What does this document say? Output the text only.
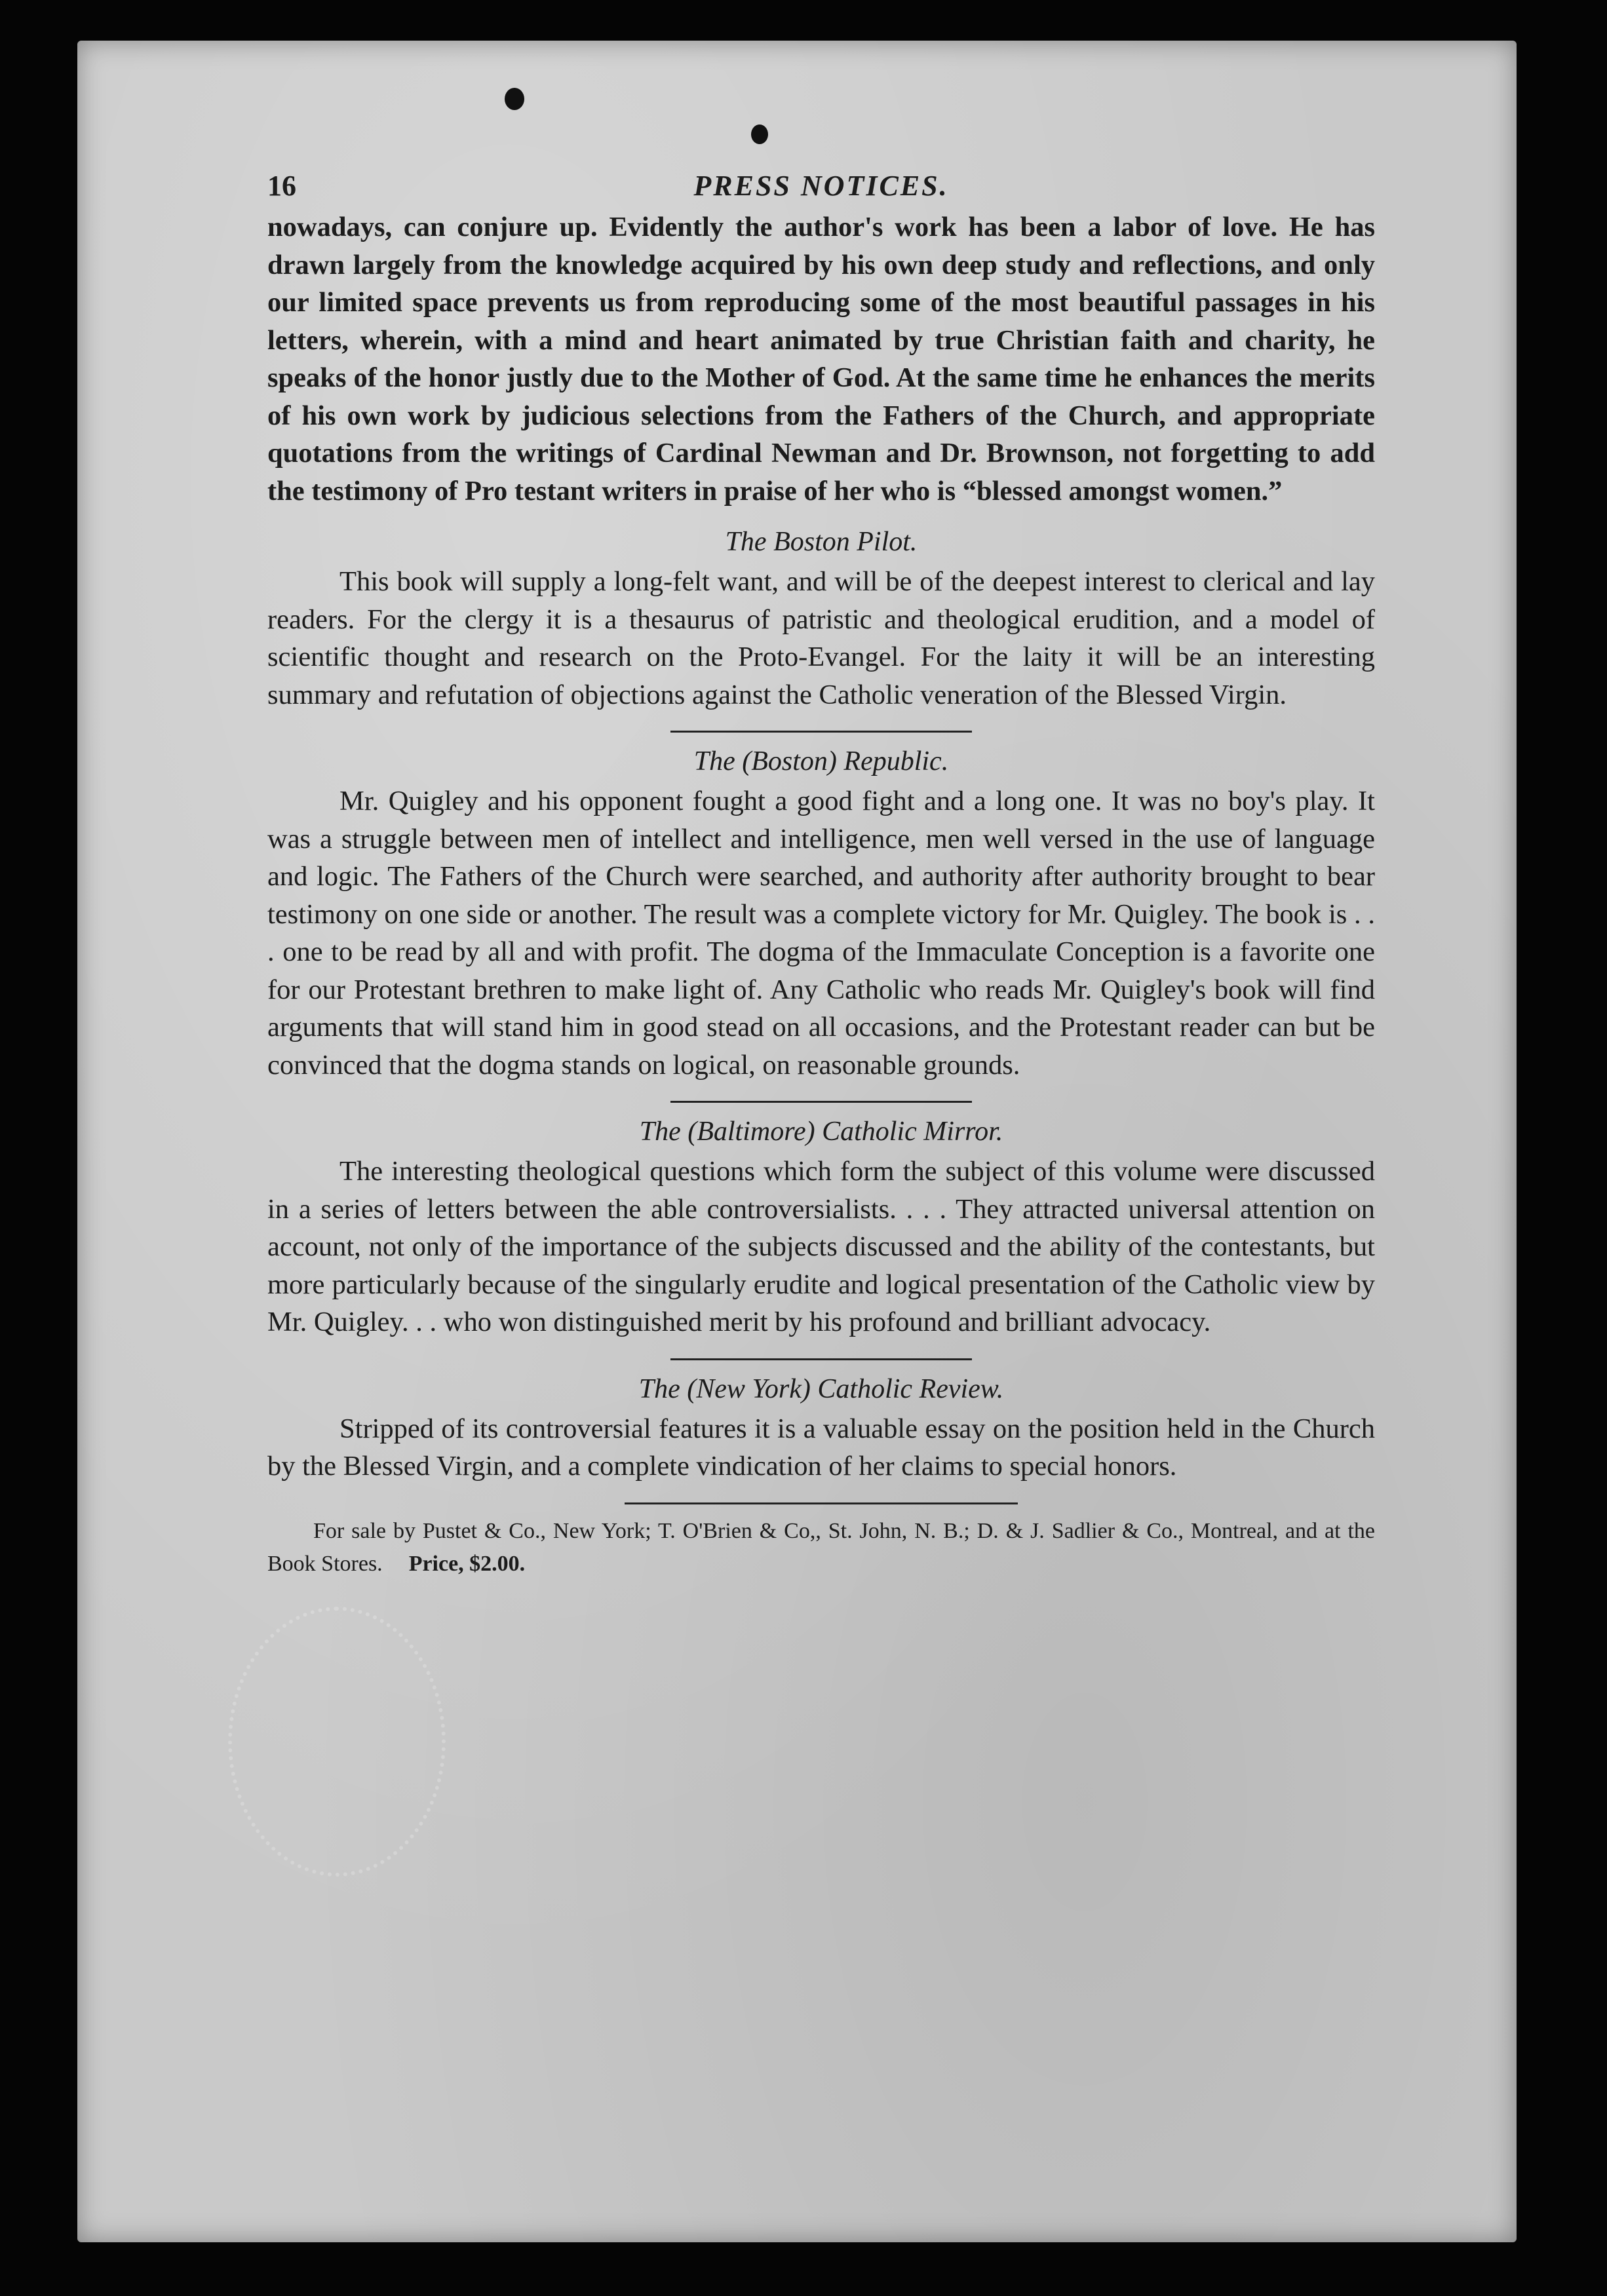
16	PRESS NOTICES.

nowadays, can conjure up. Evidently the author's work has been a labor of love. He has drawn largely from the knowledge acquired by his own deep study and reflections, and only our limited space prevents us from reproducing some of the most beautiful passages in his letters, wherein, with a mind and heart animated by true Christian faith and charity, he speaks of the honor justly due to the Mother of God. At the same time he enhances the merits of his own work by judicious selections from the Fathers of the Church, and appropriate quotations from the writings of Cardinal Newman and Dr. Brownson, not forgetting to add the testimony of Pro testant writers in praise of her who is “blessed amongst women.”

The Boston Pilot.

This book will supply a long-felt want, and will be of the deepest interest to clerical and lay readers. For the clergy it is a thesaurus of patristic and theological erudition, and a model of scientific thought and research on the Proto-Evangel. For the laity it will be an interesting summary and refutation of objections against the Catholic veneration of the Blessed Virgin.

The (Boston) Republic.

Mr. Quigley and his opponent fought a good fight and a long one. It was no boy's play. It was a struggle between men of intellect and intelligence, men well versed in the use of language and logic. The Fathers of the Church were searched, and authority after authority brought to bear testimony on one side or another. The result was a complete victory for Mr. Quigley. The book is . . . one to be read by all and with profit. The dogma of the Immaculate Conception is a favorite one for our Protestant brethren to make light of. Any Catholic who reads Mr. Quigley's book will find arguments that will stand him in good stead on all occasions, and the Protestant reader can but be convinced that the dogma stands on logical, on reasonable grounds.

The (Baltimore) Catholic Mirror.

The interesting theological questions which form the subject of this volume were discussed in a series of letters between the able controversialists. . . . They attracted universal attention on account, not only of the importance of the subjects discussed and the ability of the contestants, but more particularly because of the singularly erudite and logical presentation of the Catholic view by Mr. Quigley. . . who won distinguished merit by his profound and brilliant advocacy.

The (New York) Catholic Review.

Stripped of its controversial features it is a valuable essay on the position held in the Church by the Blessed Virgin, and a complete vindication of her claims to special honors.

For sale by Pustet & Co., New York; T. O'Brien & Co,, St. John, N. B.; D. & J. Sadlier & Co., Montreal, and at the Book Stores. Price, $2.00.
